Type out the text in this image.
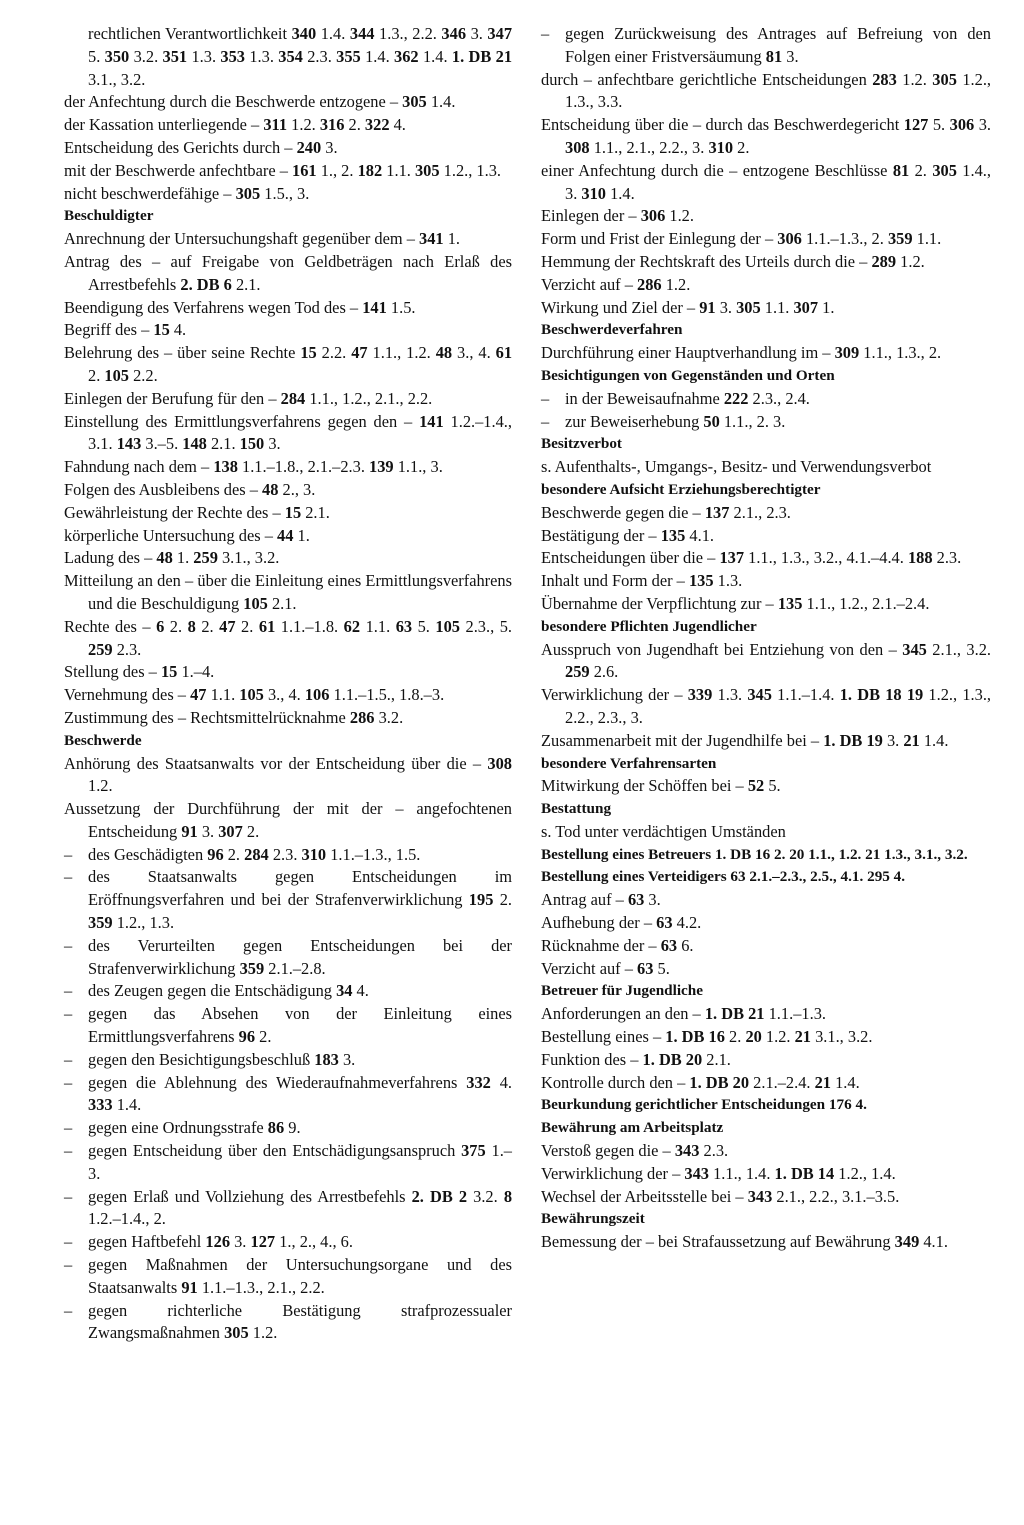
rechtlichen Verantwortlichkeit 340 1.4. 344 1.3., 2.2. 346 3. 347 5. 350 3.2. 351 1.3. 353 1.3. 354 2.3. 355 1.4. 362 1.4. 1. DB 21 3.1., 3.2.

der Anfechtung durch die Beschwerde entzogene – 305 1.4.

der Kassation unterliegende – 311 1.2. 316 2. 322 4.

Entscheidung des Gerichts durch – 240 3.

mit der Beschwerde anfechtbare – 161 1., 2. 182 1.1. 305 1.2., 1.3.

nicht beschwerdefähige – 305 1.5., 3.

Beschuldigter

Anrechnung der Untersuchungshaft gegenüber dem – 341 1.

Antrag des – auf Freigabe von Geldbeträgen nach Erlaß des Arrestbefehls 2. DB 6 2.1.

Beendigung des Verfahrens wegen Tod des – 141 1.5.

Begriff des – 15 4.

Belehrung des – über seine Rechte 15 2.2. 47 1.1., 1.2. 48 3., 4. 61 2. 105 2.2.

Einlegen der Berufung für den – 284 1.1., 1.2., 2.1., 2.2.

Einstellung des Ermittlungsverfahrens gegen den – 141 1.2.–1.4., 3.1. 143 3.–5. 148 2.1. 150 3.

Fahndung nach dem – 138 1.1.–1.8., 2.1.–2.3. 139 1.1., 3.

Folgen des Ausbleibens des – 48 2., 3.

Gewährleistung der Rechte des – 15 2.1.

körperliche Untersuchung des – 44 1.

Ladung des – 48 1. 259 3.1., 3.2.

Mitteilung an den – über die Einleitung eines Ermittlungsverfahrens und die Beschuldigung 105 2.1.

Rechte des – 6 2. 8 2. 47 2. 61 1.1.–1.8. 62 1.1. 63 5. 105 2.3., 5. 259 2.3.

Stellung des – 15 1.–4.

Vernehmung des – 47 1.1. 105 3., 4. 106 1.1.–1.5., 1.8.–3.

Zustimmung des – Rechtsmittelrücknahme 286 3.2.

Beschwerde

Anhörung des Staatsanwalts vor der Entscheidung über die – 308 1.2.

Aussetzung der Durchführung der mit der – angefochtenen Entscheidung 91 3. 307 2.

– des Geschädigten 96 2. 284 2.3. 310 1.1.–1.3., 1.5.

– des Staatsanwalts gegen Entscheidungen im Eröffnungsverfahren und bei der Strafenverwirklichung 195 2. 359 1.2., 1.3.

– des Verurteilten gegen Entscheidungen bei der Strafenverwirklichung 359 2.1.–2.8.

– des Zeugen gegen die Entschädigung 34 4.

– gegen das Absehen von der Einleitung eines Ermittlungsverfahrens 96 2.

– gegen den Besichtigungsbeschluß 183 3.

– gegen die Ablehnung des Wiederaufnahmeverfahrens 332 4. 333 1.4.

– gegen eine Ordnungsstrafe 86 9.

– gegen Entscheidung über den Entschädigungsanspruch 375 1.–3.

– gegen Erlaß und Vollziehung des Arrestbefehls 2. DB 2 3.2. 8 1.2.–1.4., 2.

– gegen Haftbefehl 126 3. 127 1., 2., 4., 6.

– gegen Maßnahmen der Untersuchungsorgane und des Staatsanwalts 91 1.1.–1.3., 2.1., 2.2.

– gegen richterliche Bestätigung strafprozessualer Zwangsmaßnahmen 305 1.2.

– gegen Zurückweisung des Antrages auf Befreiung von den Folgen einer Fristversäumung 81 3.

durch – anfechtbare gerichtliche Entscheidungen 283 1.2. 305 1.2., 1.3., 3.3.

Entscheidung über die – durch das Beschwerdegericht 127 5. 306 3. 308 1.1., 2.1., 2.2., 3. 310 2.

einer Anfechtung durch die – entzogene Beschlüsse 81 2. 305 1.4., 3. 310 1.4.

Einlegen der – 306 1.2.

Form und Frist der Einlegung der – 306 1.1.–1.3., 2. 359 1.1.

Hemmung der Rechtskraft des Urteils durch die – 289 1.2.

Verzicht auf – 286 1.2.

Wirkung und Ziel der – 91 3. 305 1.1. 307 1.

Beschwerdeverfahren

Durchführung einer Hauptverhandlung im – 309 1.1., 1.3., 2.

Besichtigungen von Gegenständen und Orten

– in der Beweisaufnahme 222 2.3., 2.4.

– zur Beweiserhebung 50 1.1., 2. 3.

Besitzverbot

s. Aufenthalts-, Umgangs-, Besitz- und Verwendungsverbot

besondere Aufsicht Erziehungsberechtigter

Beschwerde gegen die – 137 2.1., 2.3.

Bestätigung der – 135 4.1.

Entscheidungen über die – 137 1.1., 1.3., 3.2., 4.1.–4.4. 188 2.3.

Inhalt und Form der – 135 1.3.

Übernahme der Verpflichtung zur – 135 1.1., 1.2., 2.1.–2.4.

besondere Pflichten Jugendlicher

Ausspruch von Jugendhaft bei Entziehung von den – 345 2.1., 3.2. 259 2.6.

Verwirklichung der – 339 1.3. 345 1.1.–1.4. 1. DB 18 19 1.2., 1.3., 2.2., 2.3., 3.

Zusammenarbeit mit der Jugendhilfe bei – 1. DB 19 3. 21 1.4.

besondere Verfahrensarten

Mitwirkung der Schöffen bei – 52 5.

Bestattung

s. Tod unter verdächtigen Umständen

Bestellung eines Betreuers 1. DB 16 2. 20 1.1., 1.2. 21 1.3., 3.1., 3.2.

Bestellung eines Verteidigers 63 2.1.–2.3., 2.5., 4.1. 295 4.

Antrag auf – 63 3.

Aufhebung der – 63 4.2.

Rücknahme der – 63 6.

Verzicht auf – 63 5.

Betreuer für Jugendliche

Anforderungen an den – 1. DB 21 1.1.–1.3.

Bestellung eines – 1. DB 16 2. 20 1.2. 21 3.1., 3.2.

Funktion des – 1. DB 20 2.1.

Kontrolle durch den – 1. DB 20 2.1.–2.4. 21 1.4.

Beurkundung gerichtlicher Entscheidungen 176 4.

Bewährung am Arbeitsplatz

Verstoß gegen die – 343 2.3.

Verwirklichung der – 343 1.1., 1.4. 1. DB 14 1.2., 1.4.

Wechsel der Arbeitsstelle bei – 343 2.1., 2.2., 3.1.–3.5.

Bewährungszeit

Bemessung der – bei Strafaussetzung auf Bewährung 349 4.1.
